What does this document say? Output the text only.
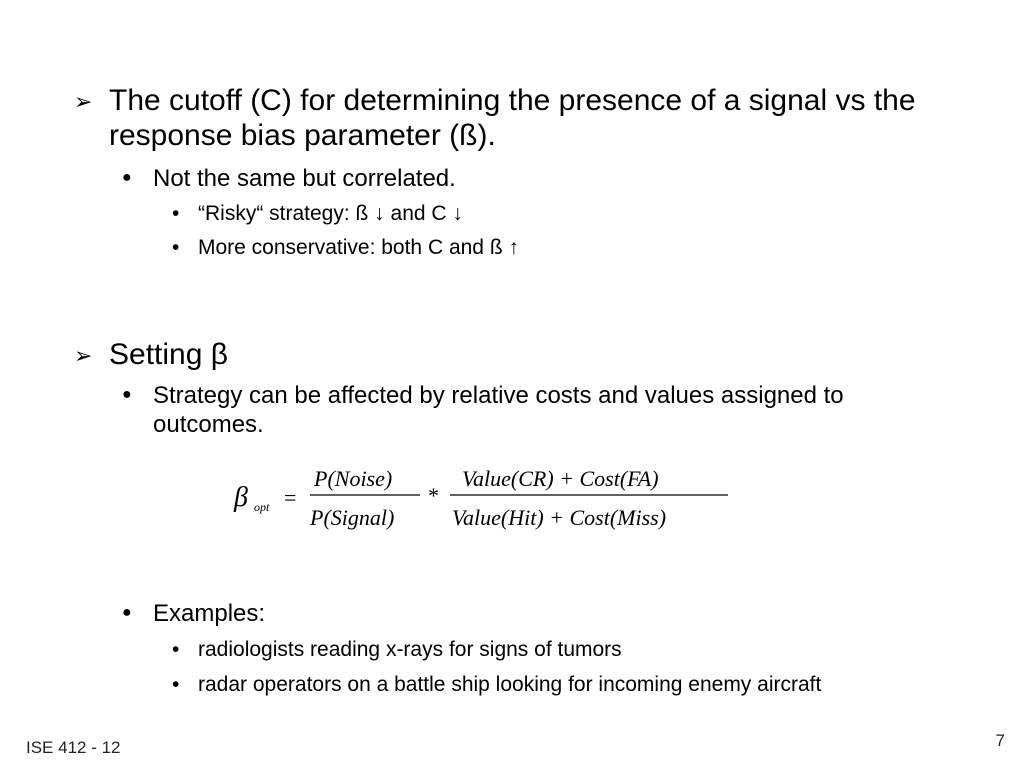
➢ The cutoff (C) for determining the presence of a signal vs the response bias parameter (ß).
● Not the same but correlated.
• “Risky“ strategy: ß ↓ and C ↓
• More conservative: both C and ß ↑
➢ Setting β
● Strategy can be affected by relative costs and values assigned to outcomes.
β opt =
P(Noise)
P(Signal)
*
Value(CR) + Cost(FA)
Value(Hit) + Cost(Miss)
● Examples:
• radiologists reading x-rays for signs of tumors
• radar operators on a battle ship looking for incoming enemy aircraft
ISE 412 - 12	7
